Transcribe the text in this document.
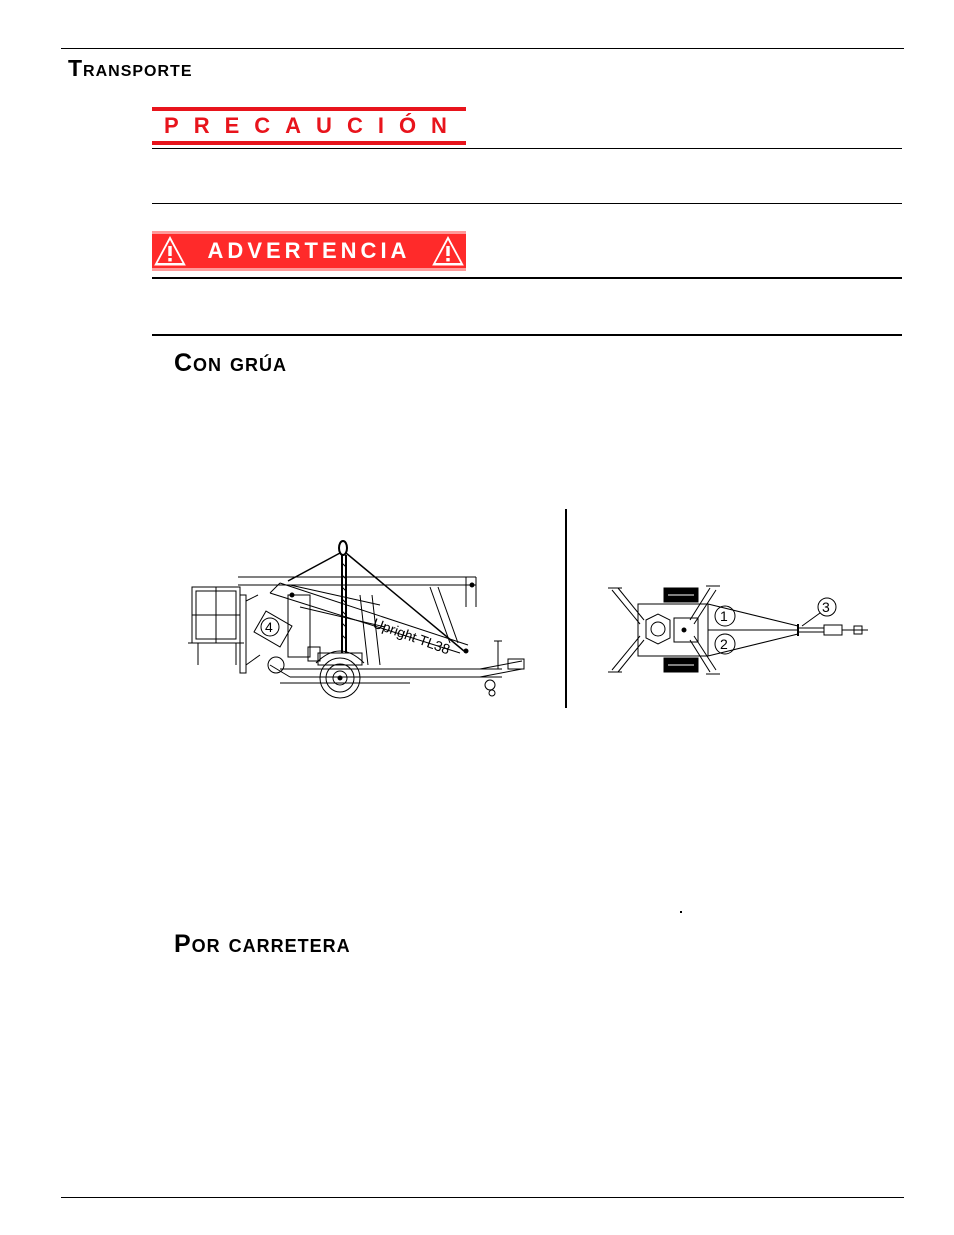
Transporte
PRECAUCIÓN
ADVERTENCIA
Con grúa
Upright TL38
4
1
2
3
Por carretera
